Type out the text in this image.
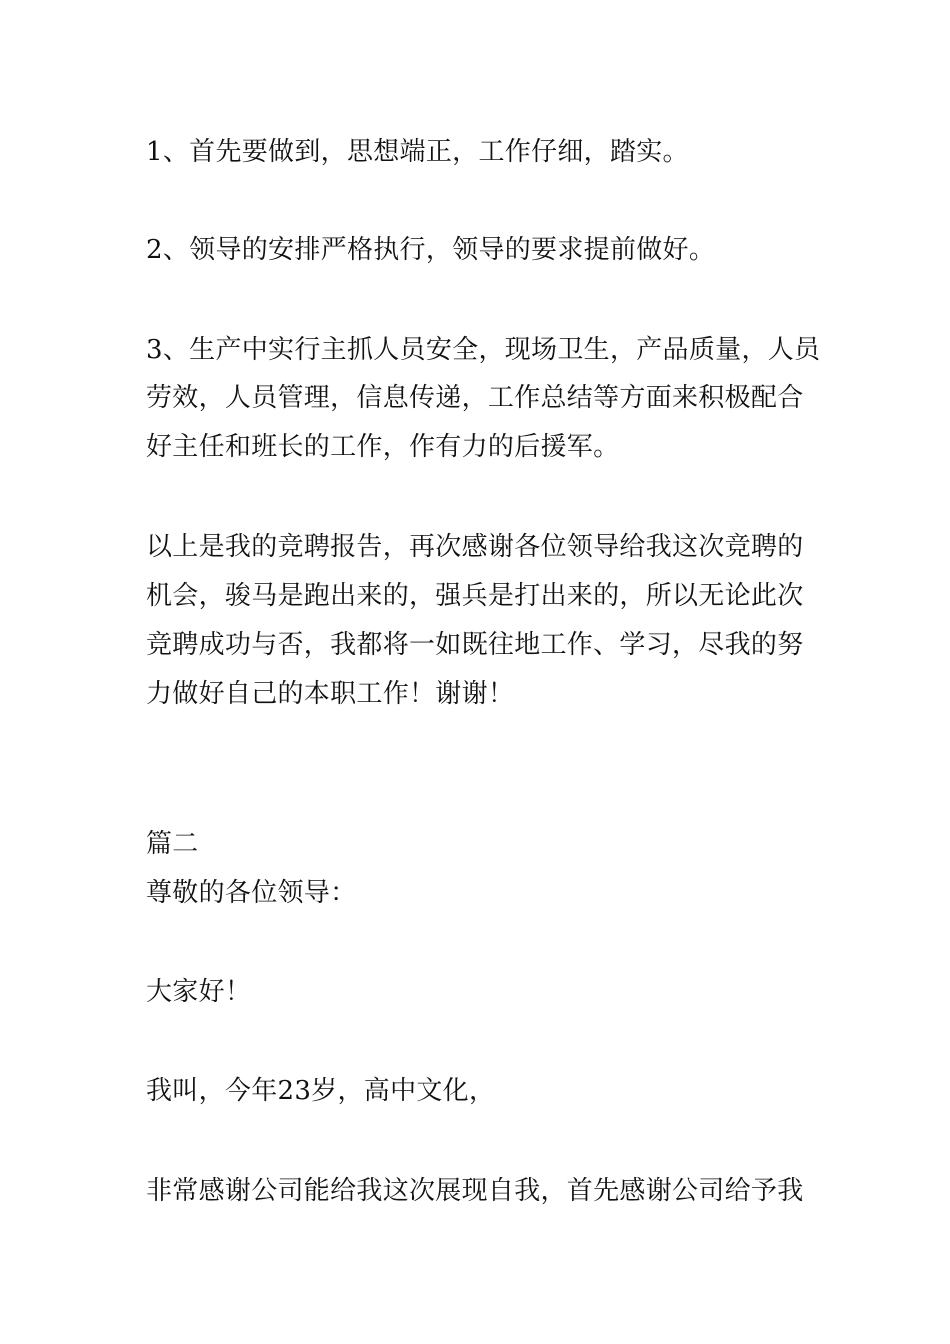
1、首先要做到，思想端正，工作仔细，踏实。
2、领导的安排严格执行，领导的要求提前做好。
3、生产中实行主抓人员安全，现场卫生，产品质量，人员
劳效，人员管理，信息传递，工作总结等方面来积极配合
好主任和班长的工作，作有力的后援军。
以上是我的竞聘报告，再次感谢各位领导给我这次竞聘的
机会，骏马是跑出来的，强兵是打出来的，所以无论此次
竞聘成功与否，我都将一如既往地工作、学习，尽我的努
力做好自己的本职工作！谢谢！
篇二
尊敬的各位领导：
大家好！
我叫，今年23岁，高中文化，
非常感谢公司能给我这次展现自我，首先感谢公司给予我
